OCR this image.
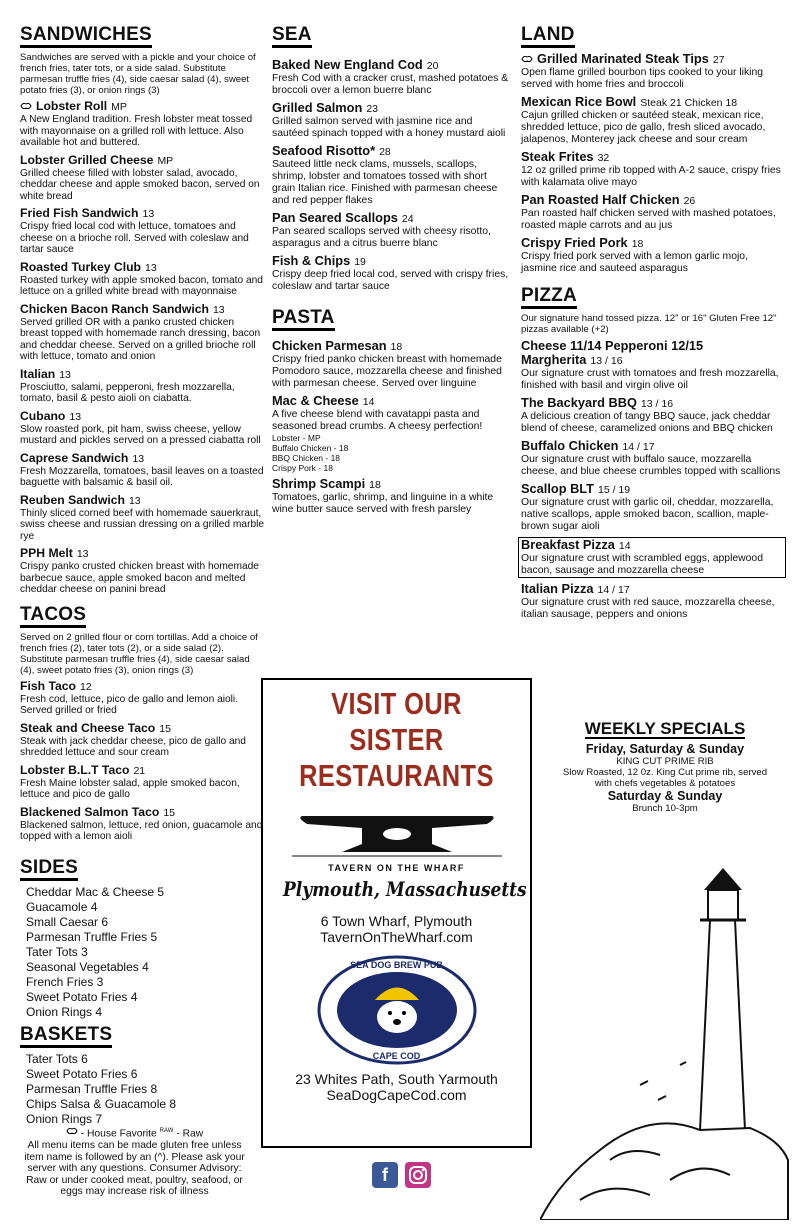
SANDWICHES
Sandwiches are served with a pickle and your choice of french fries, tater tots, or a side salad. Substitute parmesan truffle fries (4), side caesar salad (4), sweet potato fries (3), or onion rings (3)
Lobster Roll MP
A New England tradition. Fresh lobster meat tossed with mayonnaise on a grilled roll with lettuce. Also available hot and buttered.
Lobster Grilled Cheese MP
Grilled cheese filled with lobster salad, avocado, cheddar cheese and apple smoked bacon, served on white bread
Fried Fish Sandwich 13
Crispy fried local cod with lettuce, tomatoes and cheese on a brioche roll. Served with coleslaw and tartar sauce
Roasted Turkey Club 13
Roasted turkey with apple smoked bacon, tomato and lettuce on a grilled white bread with mayonnaise
Chicken Bacon Ranch Sandwich 13
Served grilled OR with a panko crusted chicken breast topped with homemade ranch dressing, bacon and cheddar cheese. Served on a grilled brioche roll with lettuce, tomato and onion
Italian 13
Prosciutto, salami, pepperoni, fresh mozzarella, tomato, basil & pesto aioli on ciabatta.
Cubano 13
Slow roasted pork, pit ham, swiss cheese, yellow mustard and pickles served on a pressed ciabatta roll
Caprese Sandwich 13
Fresh Mozzarella, tomatoes, basil leaves on a toasted baguette with balsamic & basil oil.
Reuben Sandwich 13
Thinly sliced corned beef with homemade sauerkraut, swiss cheese and russian dressing on a grilled marble rye
PPH Melt 13
Crispy panko crusted chicken breast with homemade barbecue sauce, apple smoked bacon and melted cheddar cheese on panini bread
TACOS
Served on 2 grilled flour or corn tortillas. Add a choice of french fries (2), tater tots (2), or a side salad (2). Substitute parmesan truffle fries (4), side caesar salad (4), sweet potato fries (3), onion rings (3)
Fish Taco 12
Fresh cod, lettuce, pico de gallo and lemon aioli. Served grilled or fried
Steak and Cheese Taco 15
Steak with jack cheddar cheese, pico de gallo and shredded lettuce and sour cream
Lobster B.L.T Taco 21
Fresh Maine lobster salad, apple smoked bacon, lettuce and pico de gallo
Blackened Salmon Taco 15
Blackened salmon, lettuce, red onion, guacamole and topped with a lemon aioli
SIDES
Cheddar Mac & Cheese 5
Guacamole 4
Small Caesar 6
Parmesan Truffle Fries 5
Tater Tots 3
Seasonal Vegetables 4
French Fries 3
Sweet Potato Fries 4
Onion Rings 4
BASKETS
Tater Tots 6
Sweet Potato Fries 6
Parmesan Truffle Fries 8
Chips Salsa & Guacamole 8
Onion Rings 7
- House Favorite $^{RAW}$ - Raw
All menu items can be made gluten free unless item name is followed by an (^). Please ask your server with any questions. Consumer Advisory: Raw or under cooked meat, poultry, seafood, or eggs may increase risk of illness
SEA
Baked New England Cod 20
Fresh Cod with a cracker crust, mashed potatoes & broccoli over a lemon buerre blanc
Grilled Salmon 23
Grilled salmon served with jasmine rice and sautéed spinach topped with a honey mustard aioli
Seafood Risotto* 28
Sauteed little neck clams, mussels, scallops, shrimp, lobster and tomatoes tossed with short grain Italian rice. Finished with parmesan cheese and red pepper flakes
Pan Seared Scallops 24
Pan seared scallops served with cheesy risotto, asparagus and a citrus buerre blanc
Fish & Chips 19
Crispy deep fried local cod, served with crispy fries, coleslaw and tartar sauce
PASTA
Chicken Parmesan 18
Crispy fried panko chicken breast with homemade Pomodoro sauce, mozzarella cheese and finished with parmesan cheese. Served over linguine
Mac & Cheese 14
A five cheese blend with cavatappi pasta and seasoned bread crumbs. A cheesy perfection!
Lobster - MP
Buffalo Chicken - 18
BBQ Chicken - 18
Crispy Pork - 18
Shrimp Scampi 18
Tomatoes, garlic, shrimp, and linguine in a white wine butter sauce served with fresh parsley
LAND
Grilled Marinated Steak Tips 27
Open flame grilled bourbon tips cooked to your liking served with home fries and broccoli
Mexican Rice Bowl Steak 21 Chicken 18
Cajun grilled chicken or sautéed steak, mexican rice, shredded lettuce, pico de gallo, fresh sliced avocado, jalapenos, Monterey jack cheese and sour cream
Steak Frites 32
12 oz grilled prime rib topped with A-2 sauce, crispy fries with kalamata olive mayo
Pan Roasted Half Chicken 26
Pan roasted half chicken served with mashed potatoes, roasted maple carrots and au jus
Crispy Fried Pork 18
Crispy fried pork served with a lemon garlic mojo, jasmine rice and sauteed asparagus
PIZZA
Our signature hand tossed pizza. 12" or 16" Gluten Free 12" pizzas available (+2)
Cheese 11/14 Pepperoni 12/15
Margherita 13 / 16
Our signature crust with tomatoes and fresh mozzarella, finished with basil and virgin olive oil
The Backyard BBQ 13 / 16
A delicious creation of tangy BBQ sauce, jack cheddar blend of cheese, caramelized onions and BBQ chicken
Buffalo Chicken 14 / 17
Our signature crust with buffalo sauce, mozzarella cheese, and blue cheese crumbles topped with scallions
Scallop BLT 15 / 19
Our signature crust with garlic oil, cheddar, mozzarella, native scallops, apple smoked bacon, scallion, maple-brown sugar aioli
Breakfast Pizza 14
Our signature crust with scrambled eggs, applewood bacon, sausage and mozzarella cheese
Italian Pizza 14 / 17
Our signature crust with red sauce, mozzarella cheese, italian sausage, peppers and onions
VISIT OUR
SISTER
RESTAURANTS
TAVERN ON THE WHARF
Plymouth, Massachusetts
6 Town Wharf, Plymouth
TavernOnTheWharf.com
SEA DOG BREW PUB
CAPE COD
23 Whites Path, South Yarmouth
SeaDogCapeCod.com
WEEKLY SPECIALS
Friday, Saturday & Sunday
KING CUT PRIME RIB
Slow Roasted, 12 0z. King Cut prime rib, served with chefs vegetables & potatoes
Saturday & Sunday
Brunch 10-3pm
f
